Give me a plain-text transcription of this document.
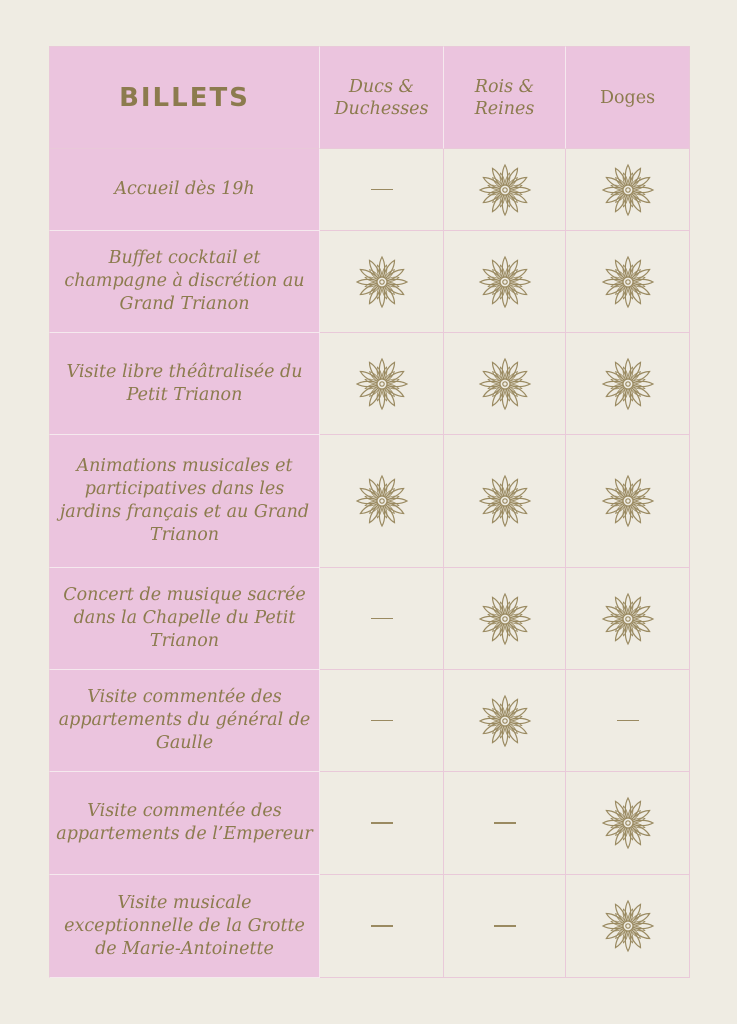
BILLETS	Ducs & Duchesses
Rois & Reines
Doges
Accueil dès 19h
Buffet cocktail et champagne à discrétion au Grand Trianon
Visite libre théâtralisée du Petit Trianon
Animations musicales et participatives dans les jardins français et au Grand Trianon
Concert de musique sacrée dans la Chapelle du Petit Trianon
Visite commentée des appartements du général de Gaulle
Visite commentée des appartements de l’Empereur
Visite musicale exceptionnelle de la Grotte de Marie-Antoinette
